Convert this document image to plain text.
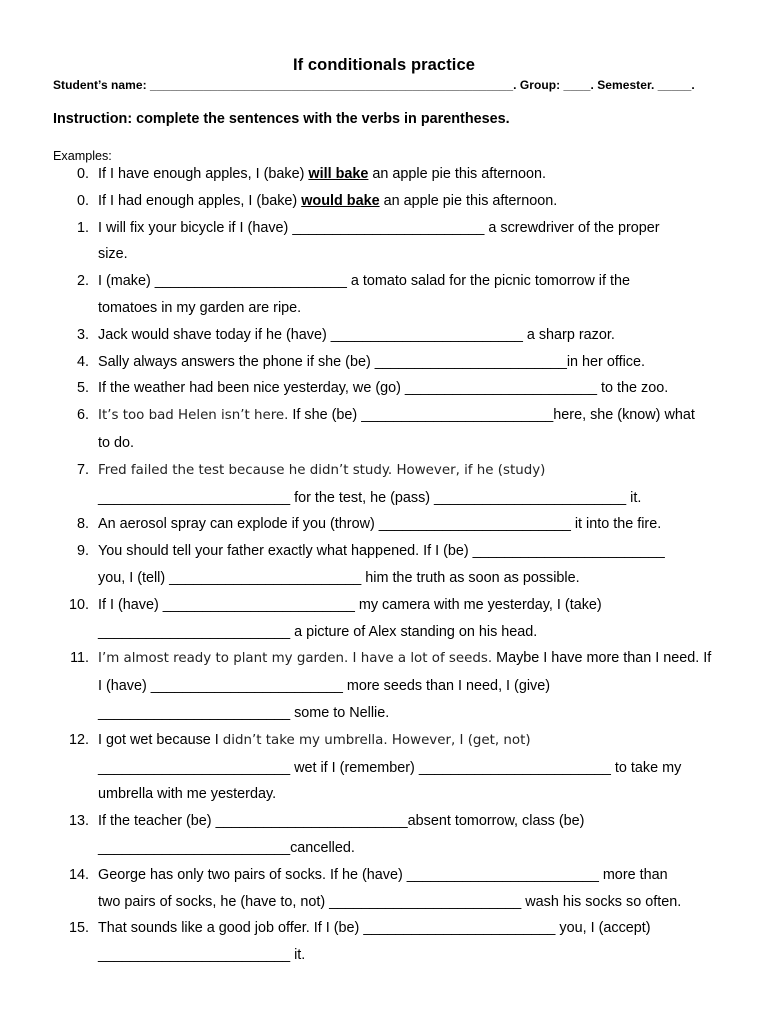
If conditionals practice
Student’s name: ______________________________________________________. Group: ____. Semester. _____.
Instruction: complete the sentences with the verbs in parentheses.
Examples:
0. If I have enough apples, I (bake) will bake an apple pie this afternoon.
0. If I had enough apples, I (bake) would bake an apple pie this afternoon.
1. I will fix your bicycle if I (have) ________________________ a screwdriver of the proper
size.
2. I (make) ________________________ a tomato salad for the picnic tomorrow if the
tomatoes in my garden are ripe.
3. Jack would shave today if he (have) ________________________ a sharp razor.
4. Sally always answers the phone if she (be) ________________________in her office.
5. If the weather had been nice yesterday, we (go) ________________________ to the zoo.
6. It’s too bad Helen isn’t here. If she (be) ________________________here, she (know) what
to do.
7. Fred failed the test because he didn’t study. However, if he (study)
________________________ for the test, he (pass) ________________________ it.
8. An aerosol spray can explode if you (throw) ________________________ it into the fire.
9. You should tell your father exactly what happened. If I (be) ________________________
you, I (tell) ________________________ him the truth as soon as possible.
10. If I (have) ________________________ my camera with me yesterday, I (take)
________________________ a picture of Alex standing on his head.
11. I’m almost ready to plant my garden. I have a lot of seeds. Maybe I have more than I need. If
I (have) ________________________ more seeds than I need, I (give)
________________________ some to Nellie.
12. I got wet because I didn’t take my umbrella. However, I (get, not)
________________________ wet if I (remember) ________________________ to take my
umbrella with me yesterday.
13. If the teacher (be) ________________________absent tomorrow, class (be)
________________________cancelled.
14. George has only two pairs of socks. If he (have) ________________________ more than
two pairs of socks, he (have to, not) ________________________ wash his socks so often.
15. That sounds like a good job offer. If I (be) ________________________ you, I (accept)
________________________ it.
